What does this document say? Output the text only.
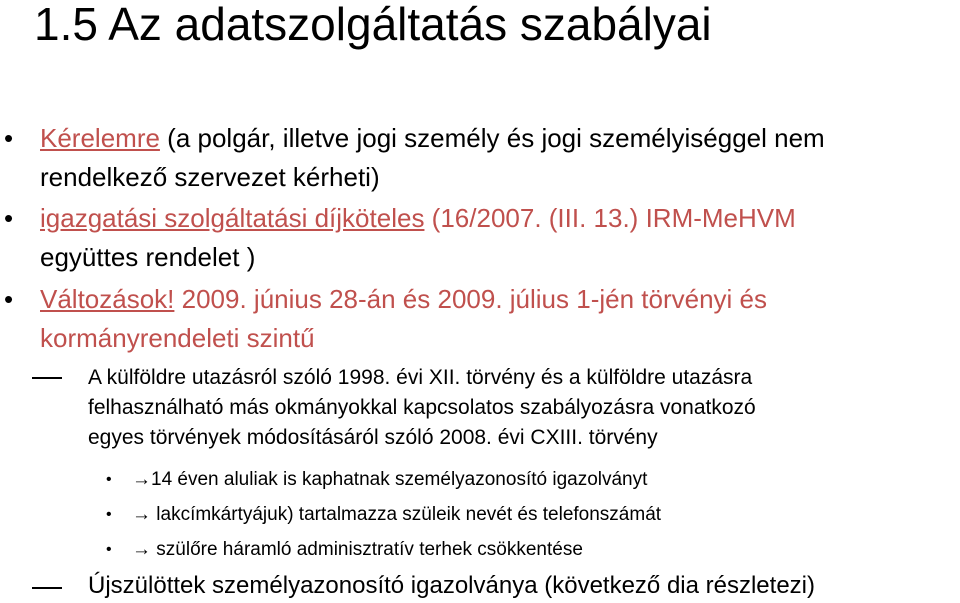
1.5 Az adatszolgáltatás szabályai
• Kérelemre (a polgár, illetve jogi személy és jogi személyiséggel nem
rendelkező szervezet kérheti)
• igazgatási szolgáltatási díjköteles (16/2007. (III. 13.) IRM-MeHVM
együttes rendelet )
• Változások! 2009. június 28-án és 2009. július 1-jén törvényi és
kormányrendeleti szintű
A külföldre utazásról szóló 1998. évi XII. törvény és a külföldre utazásra
felhasználható más okmányokkal kapcsolatos szabályozásra vonatkozó
egyes törvények módosításáról szóló 2008. évi CXIII. törvény
• →14 éven aluliak is kaphatnak személyazonosító igazolványt
• → lakcímkártyájuk) tartalmazza szüleik nevét és telefonszámát
• → szülőre háramló adminisztratív terhek csökkentése
Újszülöttek személyazonosító igazolványa (következő dia részletezi)
